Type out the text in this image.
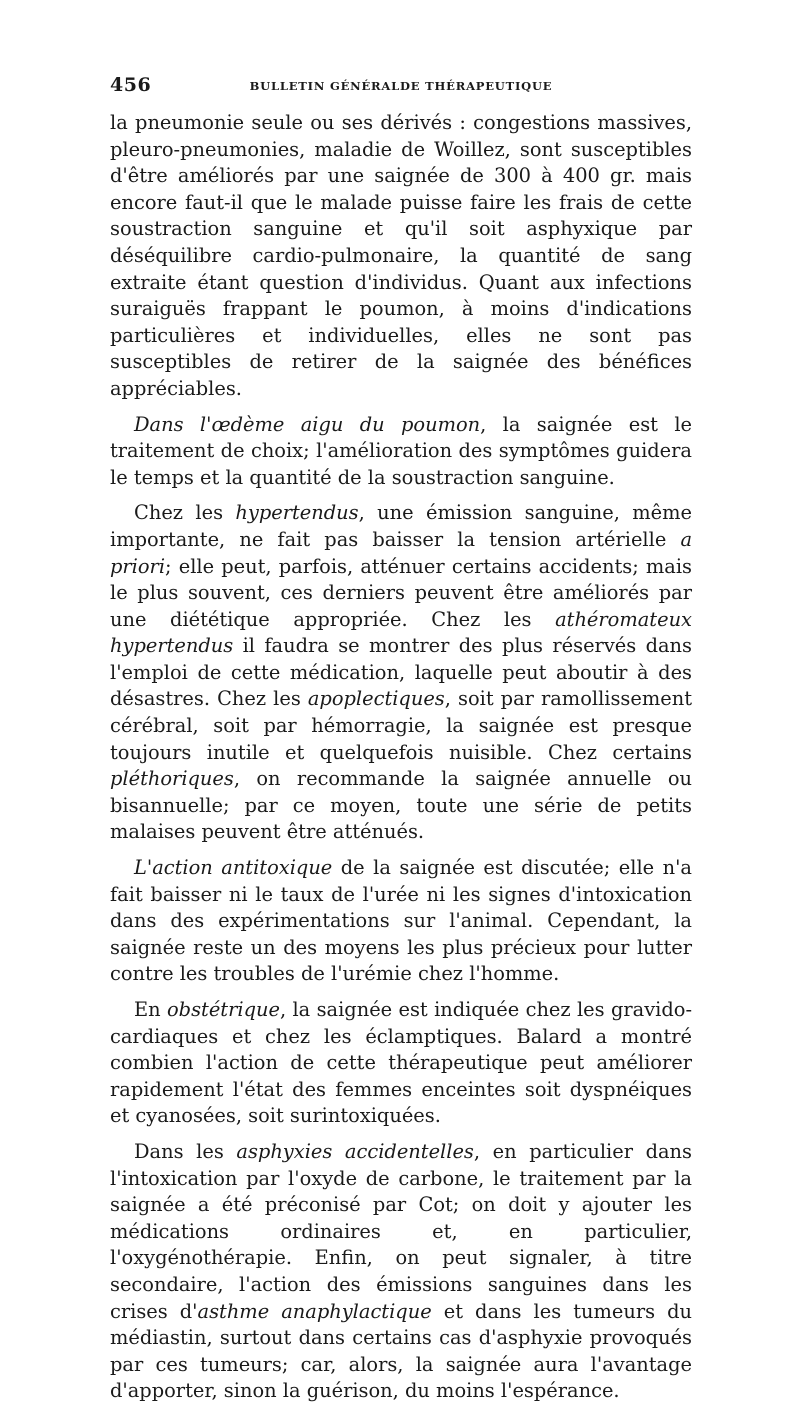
456	BULLETIN GÉNÉRALDE THÉRAPEUTIQUE

la pneumonie seule ou ses dérivés : congestions massives, pleuro-pneumonies, maladie de Woillez, sont susceptibles d'être améliorés par une saignée de 300 à 400 gr. mais encore faut-il que le malade puisse faire les frais de cette soustraction sanguine et qu'il soit asphyxique par déséquilibre cardio-pulmonaire, la quantité de sang extraite étant question d'individus. Quant aux infections suraiguës frappant le poumon, à moins d'indications particulières et individuelles, elles ne sont pas susceptibles de retirer de la saignée des bénéfices appréciables.

Dans l'œdème aigu du poumon, la saignée est le traitement de choix; l'amélioration des symptômes guidera le temps et la quantité de la soustraction sanguine.

Chez les hypertendus, une émission sanguine, même importante, ne fait pas baisser la tension artérielle a priori; elle peut, parfois, atténuer certains accidents; mais le plus souvent, ces derniers peuvent être améliorés par une diététique appropriée. Chez les athéromateux hypertendus il faudra se montrer des plus réservés dans l'emploi de cette médication, laquelle peut aboutir à des désastres. Chez les apoplectiques, soit par ramollissement cérébral, soit par hémorragie, la saignée est presque toujours inutile et quelquefois nuisible. Chez certains pléthoriques, on recommande la saignée annuelle ou bisannuelle; par ce moyen, toute une série de petits malaises peuvent être atténués.

L'action antitoxique de la saignée est discutée; elle n'a fait baisser ni le taux de l'urée ni les signes d'intoxication dans des expérimentations sur l'animal. Cependant, la saignée reste un des moyens les plus précieux pour lutter contre les troubles de l'urémie chez l'homme.

En obstétrique, la saignée est indiquée chez les gravido-cardiaques et chez les éclamptiques. Balard a montré combien l'action de cette thérapeutique peut améliorer rapidement l'état des femmes enceintes soit dyspnéiques et cyanosées, soit surintoxiquées.

Dans les asphyxies accidentelles, en particulier dans l'intoxication par l'oxyde de carbone, le traitement par la saignée a été préconisé par Cot; on doit y ajouter les médications ordinaires et, en particulier, l'oxygénothérapie. Enfin, on peut signaler, à titre secondaire, l'action des émissions sanguines dans les crises d'asthme anaphylactique et dans les tumeurs du médiastin, surtout dans certains cas d'asphyxie provoqués par ces tumeurs; car, alors, la saignée aura l'avantage d'apporter, sinon la guérison, du moins l'espérance.
